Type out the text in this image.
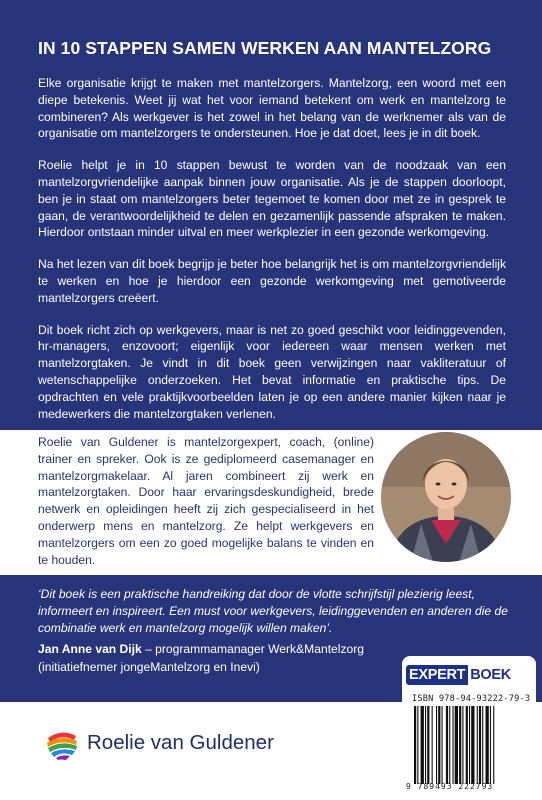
IN 10 STAPPEN SAMEN WERKEN AAN MANTELZORG

Elke organisatie krijgt te maken met mantelzorgers. Mantelzorg, een woord met een diepe betekenis. Weet jij wat het voor iemand betekent om werk en mantelzorg te combineren? Als werkgever is het zowel in het belang van de werknemer als van de organisatie om mantelzorgers te ondersteunen. Hoe je dat doet, lees je in dit boek.

Roelie helpt je in 10 stappen bewust te worden van de noodzaak van een mantelzorgvriendelijke aanpak binnen jouw organisatie. Als je de stappen doorloopt, ben je in staat om mantelzorgers beter tegemoet te komen door met ze in gesprek te gaan, de verantwoordelijkheid te delen en gezamenlijk passende afspraken te maken. Hierdoor ontstaan minder uitval en meer werkplezier in een gezonde werkomgeving.

Na het lezen van dit boek begrijp je beter hoe belangrijk het is om mantelzorgvriendelijk te werken en hoe je hierdoor een gezonde werkomgeving met gemotiveerde mantelzorgers creëert.

Dit boek richt zich op werkgevers, maar is net zo goed geschikt voor leidinggevenden, hr-managers, enzovoort; eigenlijk voor iedereen waar mensen werken met mantelzorgtaken. Je vindt in dit boek geen verwijzingen naar vakliteratuur of wetenschappelijke onderzoeken. Het bevat informatie en praktische tips. De opdrachten en vele praktijkvoorbeelden laten je op een andere manier kijken naar je medewerkers die mantelzorgtaken verlenen.

Roelie van Guldener is mantelzorgexpert, coach, (online) trainer en spreker. Ook is ze gediplomeerd casemanager en mantelzorgmakelaar. Al jaren combineert zij werk en mantelzorgtaken. Door haar ervaringsdeskundigheid, brede netwerk en opleidingen heeft zij zich gespecialiseerd in het onderwerp mens en mantelzorg. Ze helpt werkgevers en mantelzorgers om een zo goed mogelijke balans te vinden en te houden.
‘Dit boek is een praktische handreiking dat door de vlotte schrijfstijl plezierig leest, informeert en inspireert. Een must voor werkgevers, leidinggevenden en anderen die de combinatie werk en mantelzorg mogelijk willen maken’.
Jan Anne van Dijk – programmamanager Werk&Mantelzorg
(initiatiefnemer jongeMantelzorg en Inevi)
Roelie van Guldener
EXPERT BOEK
ISBN 978-94-93222-79-3
9 789493 222793
